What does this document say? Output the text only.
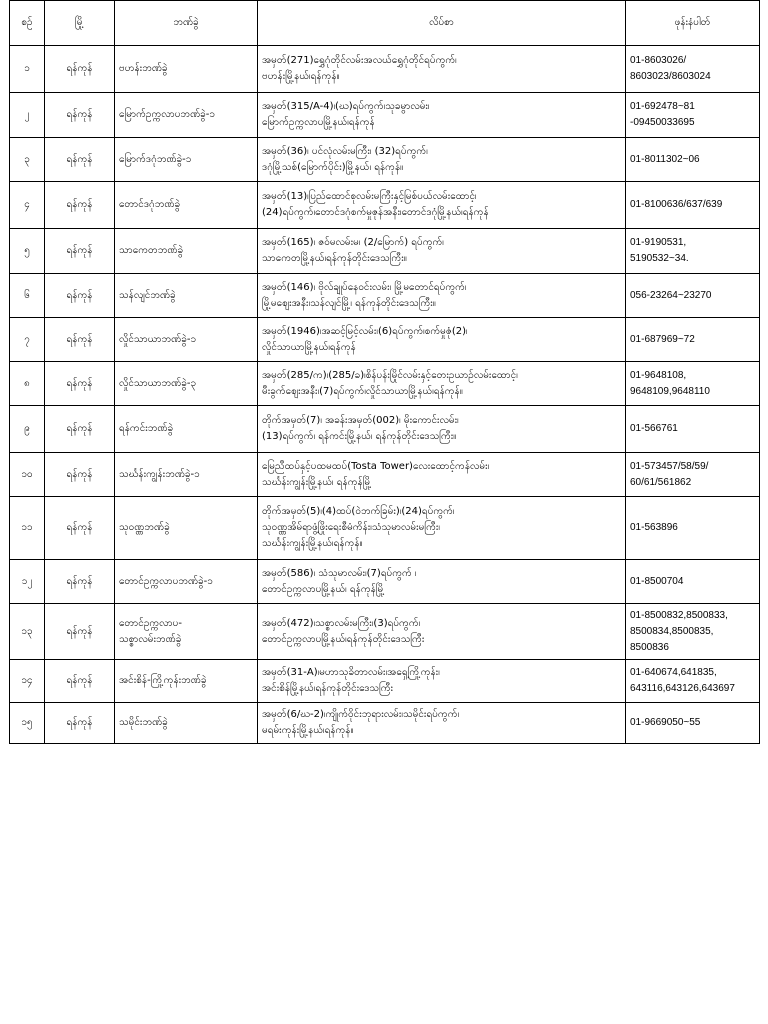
စဉ်	မြို့	ဘဏ်ခွဲ	လိပ်စာ	ဖုန်းနံပါတ်
၁	ရန်ကုန်	ဗဟန်းဘဏ်ခွဲ	အမှတ်(271)ရွှေဂုံတိုင်လမ်းအလယ်ရွှေဂုံတိုင်ရပ်ကွက်၊
ဗဟန်းမြို့နယ်၊ရန်ကုန်။	01-8603026/
8603023/8603024

၂	ရန်ကုန်	မြောက်ဥက္ကလာပဘဏ်ခွဲ-၁	အမှတ်(315/A-4)၊(ဃ)ရပ်ကွက်၊သုခမွာလမ်း၊
မြောက်ဥက္ကလာပမြို့နယ်၊ရန်ကုန်	01-692478~81
-09450033695

၃	ရန်ကုန်	မြောက်ဒဂုံဘဏ်ခွဲ-၁	အမှတ်(36)၊ ပင်လုံလမ်းမကြီး၊ (32)ရပ်ကွက်၊
ဒဂုံမြို့သစ်(မြောက်ပိုင်း)မြို့နယ်၊ ရန်ကုန်။	01-8011302~06

၄	ရန်ကုန်	တောင်ဒဂုံဘဏ်ခွဲ	အမှတ်(13)၊ပြည်ထောင်စုလမ်းမကြီးနှင့်မြစ်ပယ်လမ်းထောင့်၊
(24)ရပ်ကွက်၊တောင်ဒဂုံစက်မှုဇုန်အနီး၊တောင်ဒဂုံမြို့နယ်၊ရန်ကုန်	01-8100636/637/639

၅	ရန်ကုန်	သာကေတဘဏ်ခွဲ	အမှတ်(165)၊ ဇဝ်မလမ်းမ၊ (2/မြောက်) ရပ်ကွက်၊
သာကေတမြို့နယ်၊ရန်ကုန်တိုင်းဒေသကြီး။	01-9190531,
5190532~34.

၆	ရန်ကုန်	သန်လျင်ဘဏ်ခွဲ	အမှတ်(146)၊ ဗိုလ်ချုပ်နေဝင်းလမ်း၊ မြို့မတောင်ရပ်ကွက်၊
မြို့မဈေးအနီး၊သန်လျင်မြို့၊ ရန်ကုန်တိုင်းဒေသကြီး။	056-23264~23270

၇	ရန်ကုန်	လှိုင်သာယာဘဏ်ခွဲ-၁	အမှတ်(1946)၊အဆင့်မြင့်လမ်း၊(6)ရပ်ကွက်၊စက်မှုဇုံ(2)၊
လှိုင်သာယာမြို့နယ်၊ရန်ကုန်	01-687969~72

၈	ရန်ကုန်	လှိုင်သာယာဘဏ်ခွဲ-၃	အမှတ်(285/က)၊(285/ခ)၊စိန်ပန်းမြိုင်လမ်းနှင့်တေးဥယာဉ်လမ်းထောင့်၊
မီးခွက်ဈေးအနီး၊(7)ရပ်ကွက်၊လှိုင်သာယာမြို့နယ်၊ရန်ကုန်။	01-9648108,
9648109,9648110

၉	ရန်ကုန်	ရန်ကင်းဘဏ်ခွဲ	တိုက်အမှတ်(7)၊ အခန်းအမှတ်(002)၊ မိုးကောင်းလမ်း၊
(13)ရပ်ကွက်၊ ရန်ကင်းမြို့နယ်၊ ရန်ကုန်တိုင်းဒေသကြီး။	01-566761

၁၀	ရန်ကုန်	သင်္ဃန်းကျွန်းဘဏ်ခွဲ-၁	မြေညီထပ်နှင့်ပထမထပ်(Tosta Tower)လေးထောင့်ကန်လမ်း၊
သင်္ဃန်းကျွန်းမြို့နယ်၊ ရန်ကုန်မြို့	01-573457/58/59/
60/61/561862

၁၁	ရန်ကုန်	သုဝဏ္ဏဘဏ်ခွဲ	တိုက်အမှတ်(5)၊(4)ထပ်(ဝဲဘက်ခြမ်း)၊(24)ရပ်ကွက်၊
သုဝဏ္ဏအိမ်ရာဖွံ့ဖြိုးရေးစီမံကိန်း၊သံသုမာလမ်းမကြီး၊
သင်္ဃန်းကျွန်းမြို့နယ်၊ရန်ကုန်။	01-563896

၁၂	ရန်ကုန်	တောင်ဥက္ကလာပဘဏ်ခွဲ-၁	အမှတ်(586)၊ သံသုမာလမ်း၊(7)ရပ်ကွက် ၊
တောင်ဥက္ကလာပမြို့နယ်၊ ရန်ကုန်မြို့	01-8500704

၁၃	ရန်ကုန်	တောင်ဥက္ကလာပ-
သစ္စာလမ်းဘဏ်ခွဲ	အမှတ်(472)၊သစ္စာလမ်းမကြီး၊(3)ရပ်ကွက်၊
တောင်ဥက္ကလာပမြို့နယ်၊ရန်ကုန်တိုင်းဒေသကြီး	01-8500832,8500833,
8500834,8500835,
8500836

၁၄	ရန်ကုန်	အင်းစိန်-ကြို့ကုန်းဘဏ်ခွဲ	အမှတ်(31-A)၊မဟာသုခိတာလမ်း၊အရှေ့ကြို့ကုန်း၊
အင်းစိန်မြို့နယ်၊ရန်ကုန်တိုင်းဒေသကြီး	01-640674,641835,
643116,643126,643697

၁၅	ရန်ကုန်	သမိုင်းဘဏ်ခွဲ	အမှတ်(6/ဃ-2)၊ကျိုက်ဝိုင်းဘုရားလမ်း၊သမိုင်းရပ်ကွက်၊
မရမ်းကုန်းမြို့နယ်၊ရန်ကုန်။	01-9669050~55
